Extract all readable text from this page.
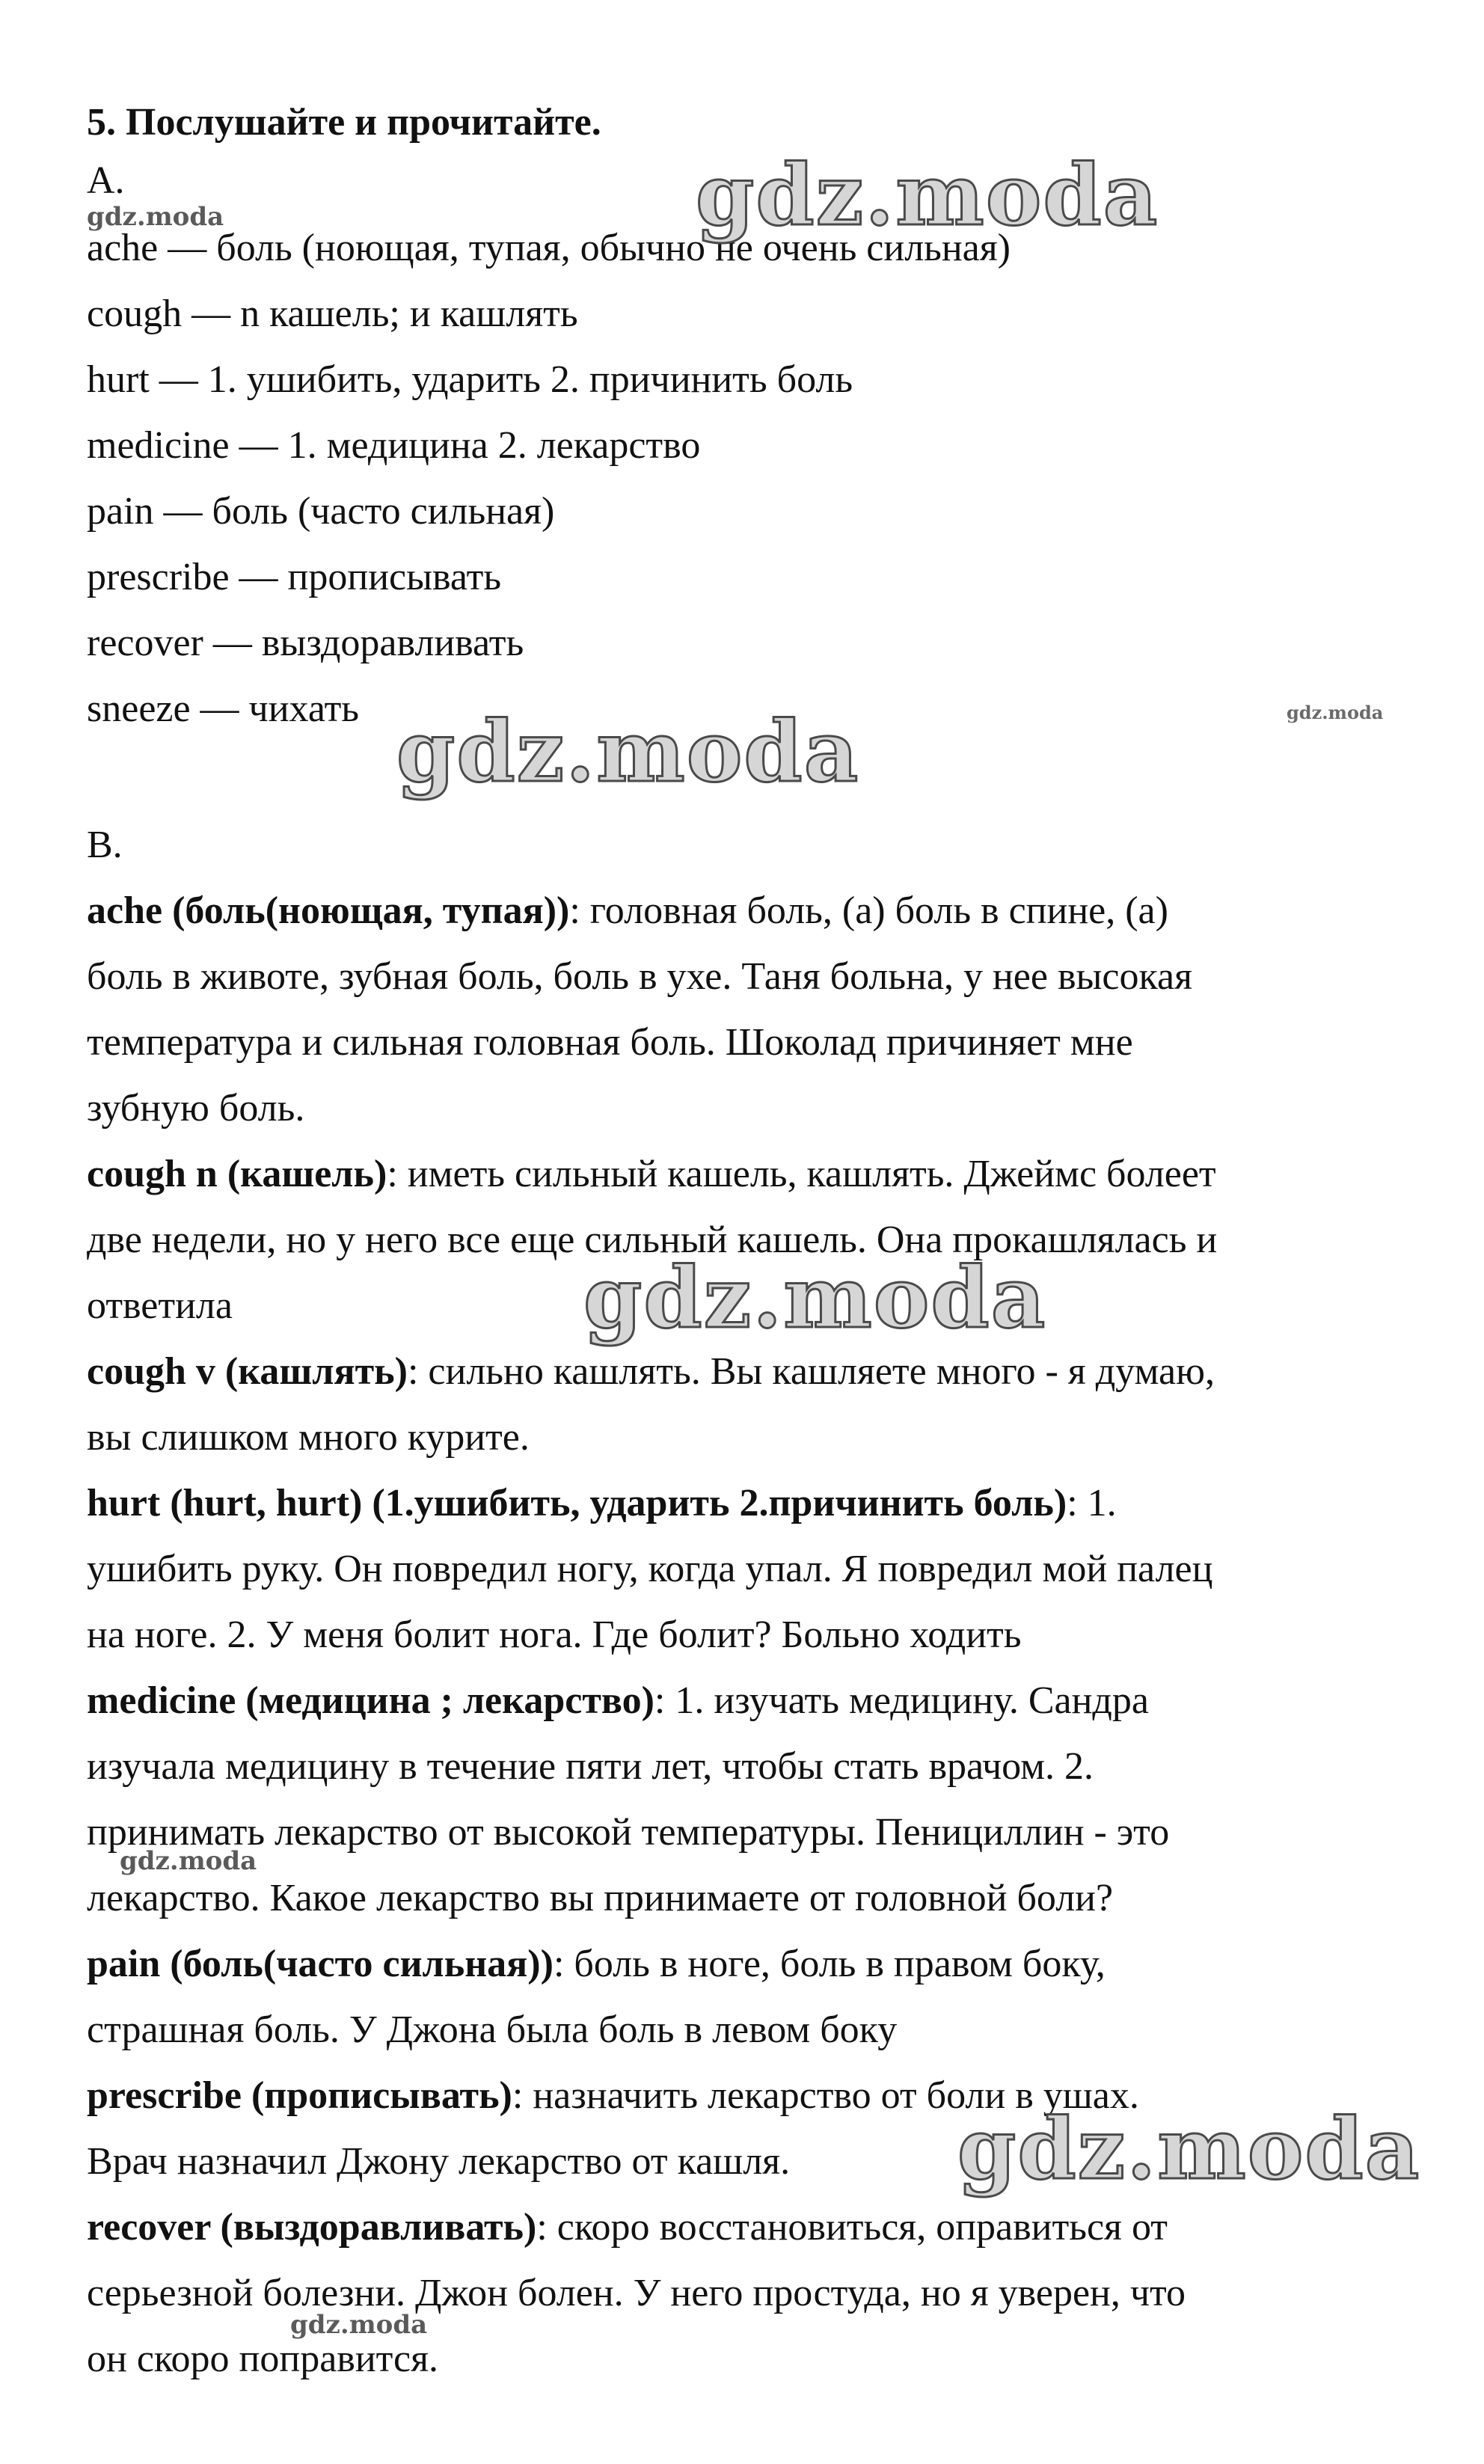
5. Послушайте и прочитайте.
A.
ache — боль (ноющая, тупая, обычно не очень сильная)
cough — n кашель; и кашлять
hurt — 1. ушибить, ударить 2. причинить боль
medicine — 1. медицина 2. лекарство
pain — боль (часто сильная)
prescribe — прописывать
recover — выздоравливать
sneeze — чихать
B.
ache (боль(ноющая, тупая)): головная боль, (a) боль в спине, (a)
боль в животе, зубная боль, боль в ухе. Таня больна, у нее высокая
температура и сильная головная боль. Шоколад причиняет мне
зубную боль.
cough n (кашель): иметь сильный кашель, кашлять. Джеймс болеет
две недели, но у него все еще сильный кашель. Она прокашлялась и
ответила
cough v (кашлять): сильно кашлять. Вы кашляете много - я думаю,
вы слишком много курите.
hurt (hurt, hurt) (1.ушибить, ударить 2.причинить боль): 1.
ушибить руку. Он повредил ногу, когда упал. Я повредил мой палец
на ноге. 2. У меня болит нога. Где болит? Больно ходить
medicine (медицина ; лекарство): 1. изучать медицину. Сандра
изучала медицину в течение пяти лет, чтобы стать врачом. 2.
принимать лекарство от высокой температуры. Пенициллин - это
лекарство. Какое лекарство вы принимаете от головной боли?
pain (боль(часто сильная)): боль в ноге, боль в правом боку,
страшная боль. У Джона была боль в левом боку
prescribe (прописывать): назначить лекарство от боли в ушах.
Врач назначил Джону лекарство от кашля.
recover (выздоравливать): скоро восстановиться, оправиться от
серьезной болезни. Джон болен. У него простуда, но я уверен, что
он скоро поправится.
gdz.moda
gdz.moda
gdz.moda	gdz.moda
gdz.moda
gdz.moda
gdz.moda
gdz.moda
